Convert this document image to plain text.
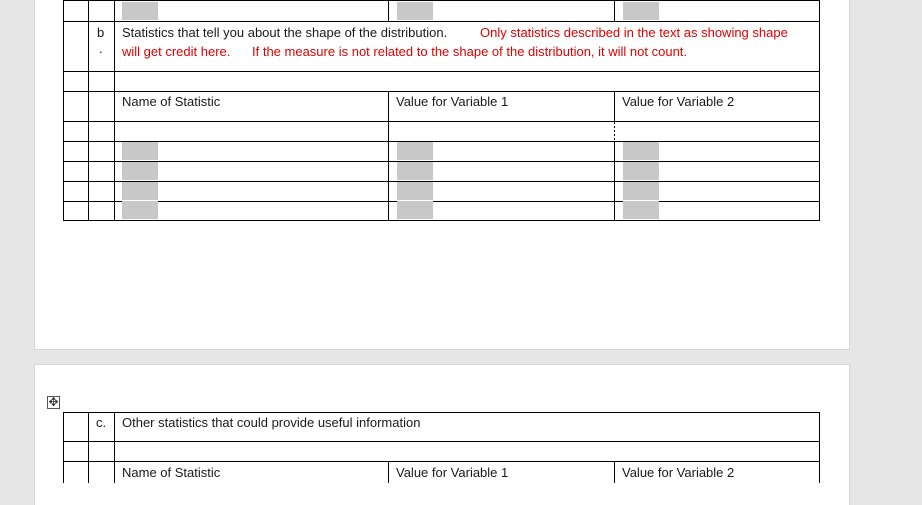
b
.
Statistics that tell you about the shape of the distribution.	Only statistics described in the text as showing shape
will get credit here. If the measure is not related to the shape of the distribution, it will not count.
Name of Statistic	Value for Variable 1	Value for Variable 2
✥
c. Other statistics that could provide useful information
Name of Statistic	Value for Variable 1	Value for Variable 2
